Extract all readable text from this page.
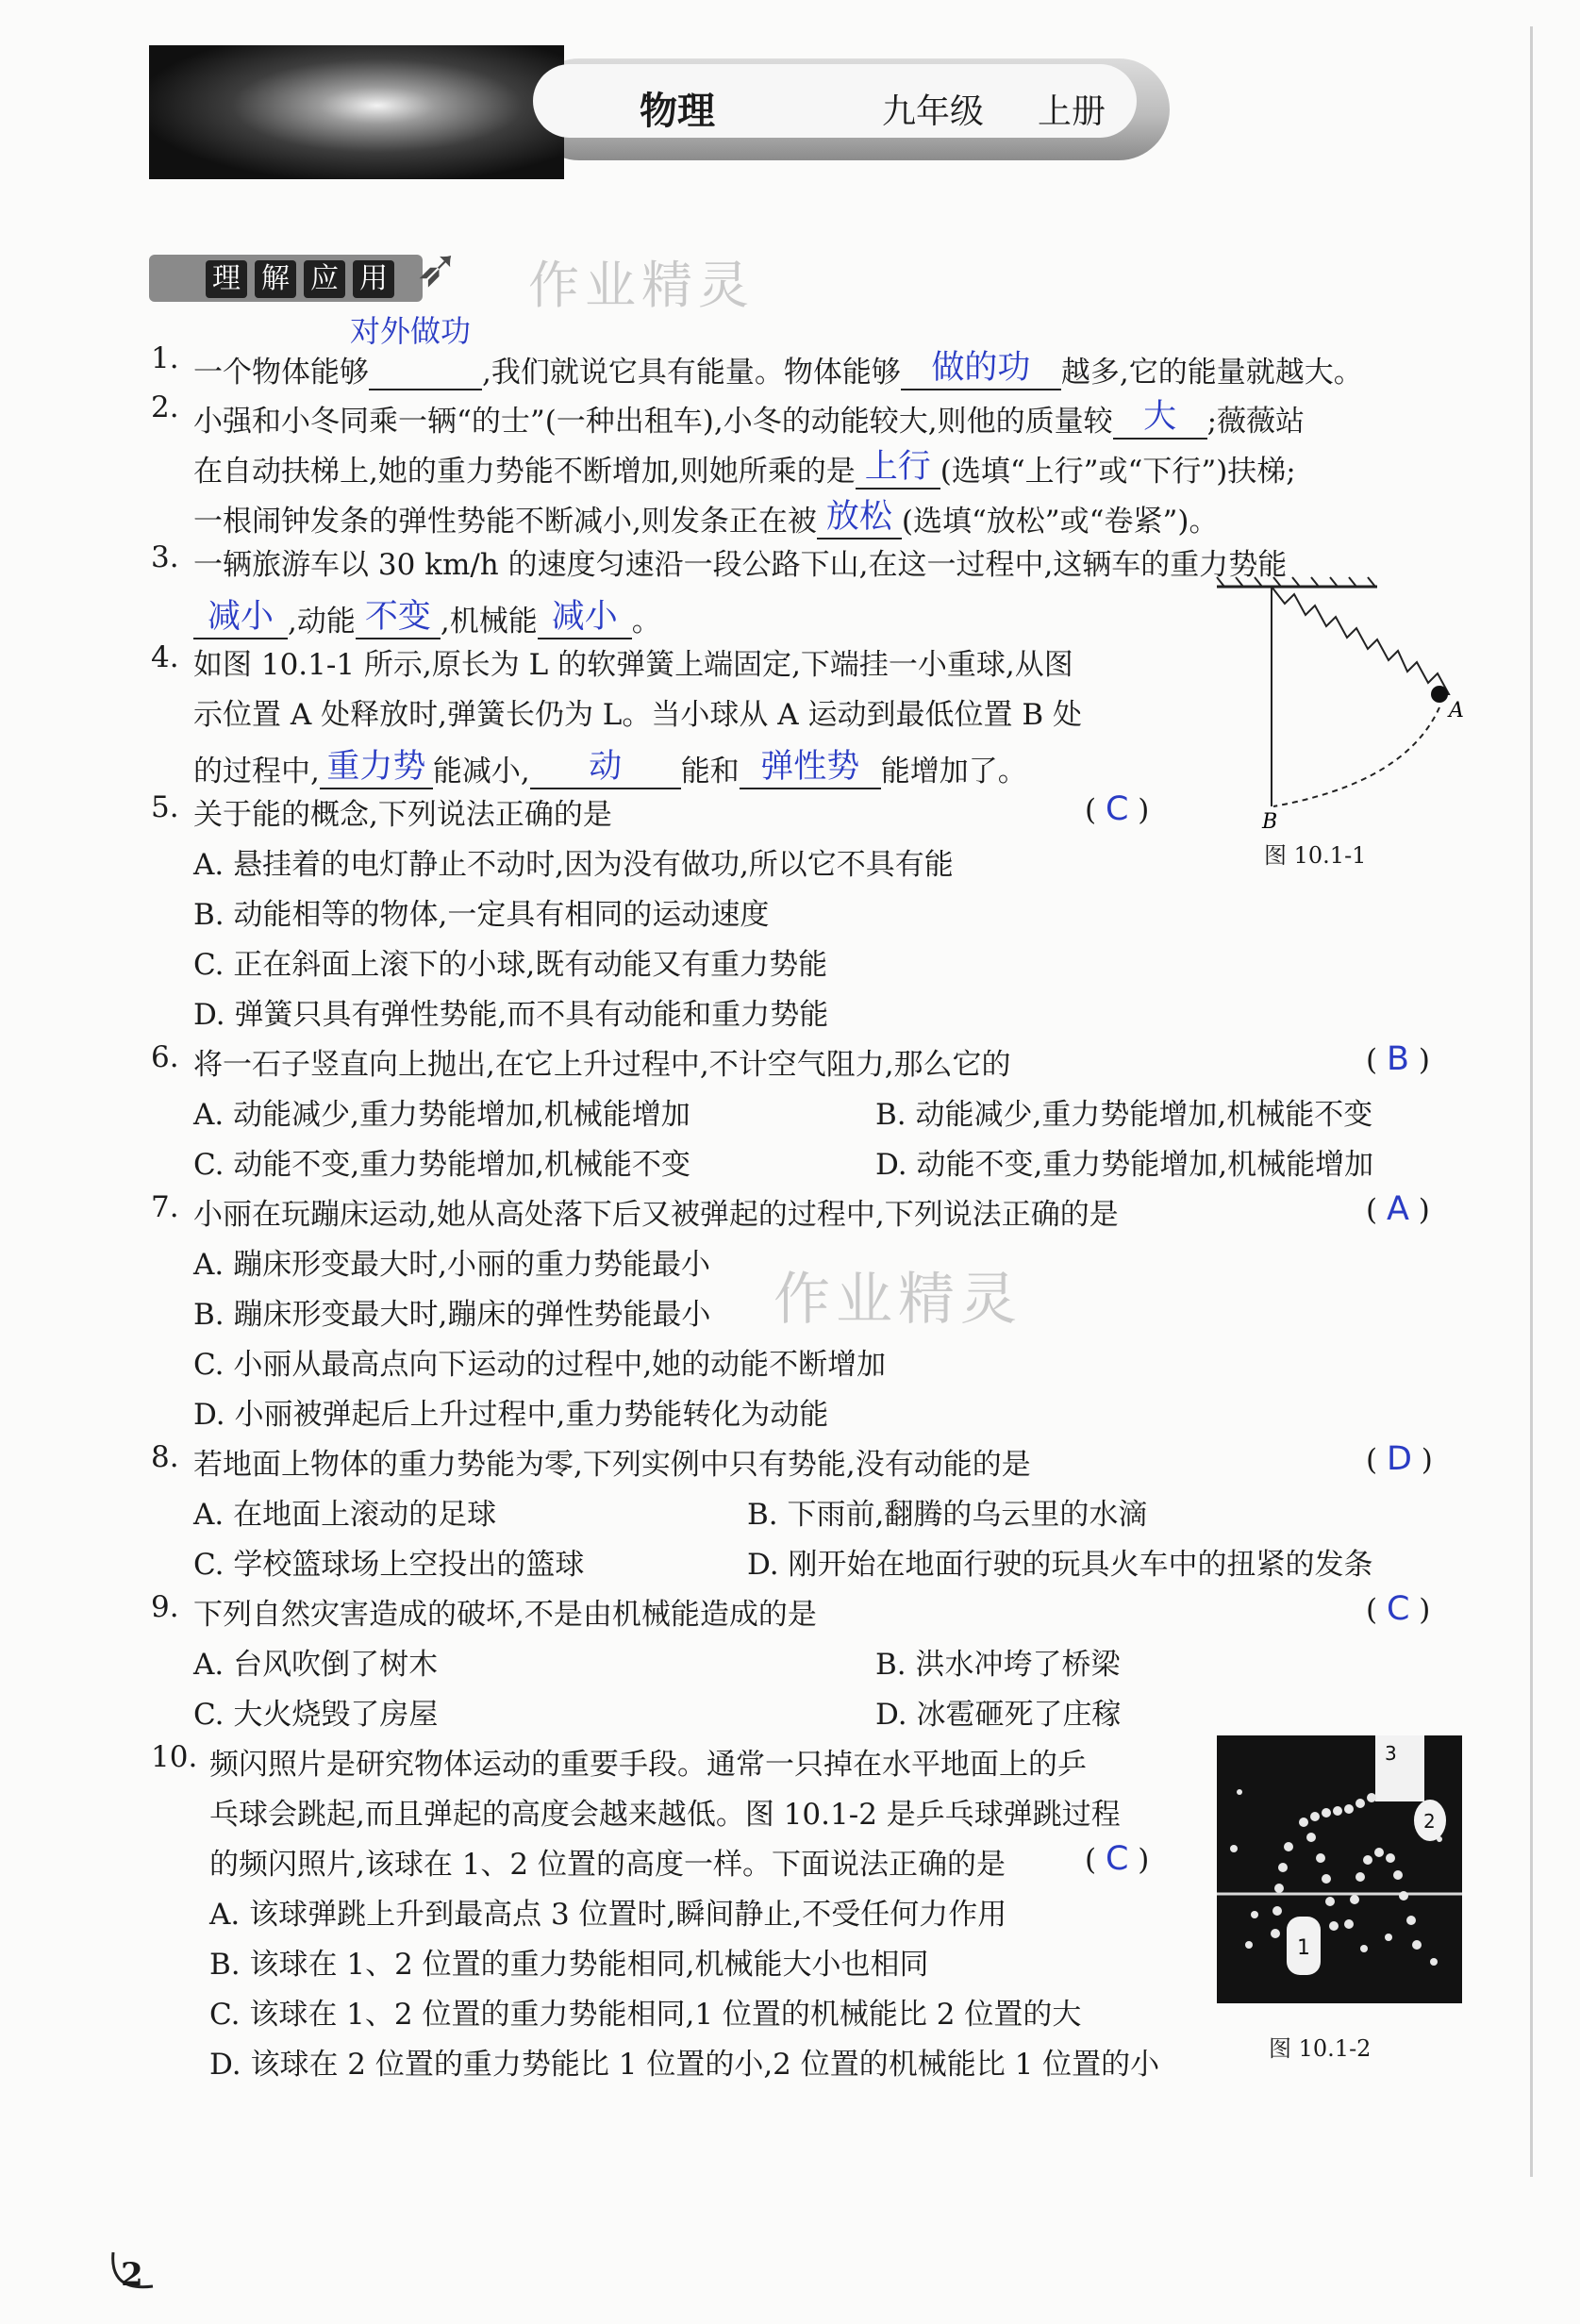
物理	九年级 上册
理 解 应 用 ➶ 作业精灵
作业精灵
1. 一个物体能够
对外做功
,我们就说它具有能量。物体能够 做的功 越多,它的能量就越大。
2. 小强和小冬同乘一辆“的士”(一种出租车),小冬的动能较大,则他的质量较 大 ;薇薇站
在自动扶梯上,她的重力势能不断增加,则她所乘的是 上行 (选填“上行”或“下行”)扶梯;
一根闹钟发条的弹性势能不断减小,则发条正在被 放松 (选填“放松”或“卷紧”)。
3. 一辆旅游车以 30 km/h 的速度匀速沿一段公路下山,在这一过程中,这辆车的重力势能
减小 ,动能 不变 ,机械能 减小 。
4. 如图 10.1-1 所示,原长为 L 的软弹簧上端固定,下端挂一小重球,从图
示位置 A 处释放时,弹簧长仍为 L。当小球从 A 运动到最低位置 B 处
的过程中, 重力势 能减小, 动 能和 弹性势 能增加了。
A
B
图 10.1-1
5. 关于能的概念,下列说法正确的是	( C )
A. 悬挂着的电灯静止不动时,因为没有做功,所以它不具有能
B. 动能相等的物体,一定具有相同的运动速度
C. 正在斜面上滚下的小球,既有动能又有重力势能
D. 弹簧只具有弹性势能,而不具有动能和重力势能
6. 将一石子竖直向上抛出,在它上升过程中,不计空气阻力,那么它的	( B )
A. 动能减少,重力势能增加,机械能增加	B. 动能减少,重力势能增加,机械能不变
C. 动能不变,重力势能增加,机械能不变	D. 动能不变,重力势能增加,机械能增加
7. 小丽在玩蹦床运动,她从高处落下后又被弹起的过程中,下列说法正确的是	( A )
A. 蹦床形变最大时,小丽的重力势能最小
B. 蹦床形变最大时,蹦床的弹性势能最小
C. 小丽从最高点向下运动的过程中,她的动能不断增加
D. 小丽被弹起后上升过程中,重力势能转化为动能
8. 若地面上物体的重力势能为零,下列实例中只有势能,没有动能的是	( D )
A. 在地面上滚动的足球	B. 下雨前,翻腾的乌云里的水滴
C. 学校篮球场上空投出的篮球	D. 刚开始在地面行驶的玩具火车中的扭紧的发条
9. 下列自然灾害造成的破坏,不是由机械能造成的是	( C )
A. 台风吹倒了树木	B. 洪水冲垮了桥梁
C. 大火烧毁了房屋	D. 冰雹砸死了庄稼
10. 频闪照片是研究物体运动的重要手段。通常一只掉在水平地面上的乒
乓球会跳起,而且弹起的高度会越来越低。图 10.1-2 是乒乓球弹跳过程
的频闪照片,该球在 1、2 位置的高度一样。下面说法正确的是	( C )
A. 该球弹跳上升到最高点 3 位置时,瞬间静止,不受任何力作用
B. 该球在 1、2 位置的重力势能相同,机械能大小也相同
C. 该球在 1、2 位置的重力势能相同,1 位置的机械能比 2 位置的大
D. 该球在 2 位置的重力势能比 1 位置的小,2 位置的机械能比 1 位置的小
3
2
1
图 10.1-2
2
